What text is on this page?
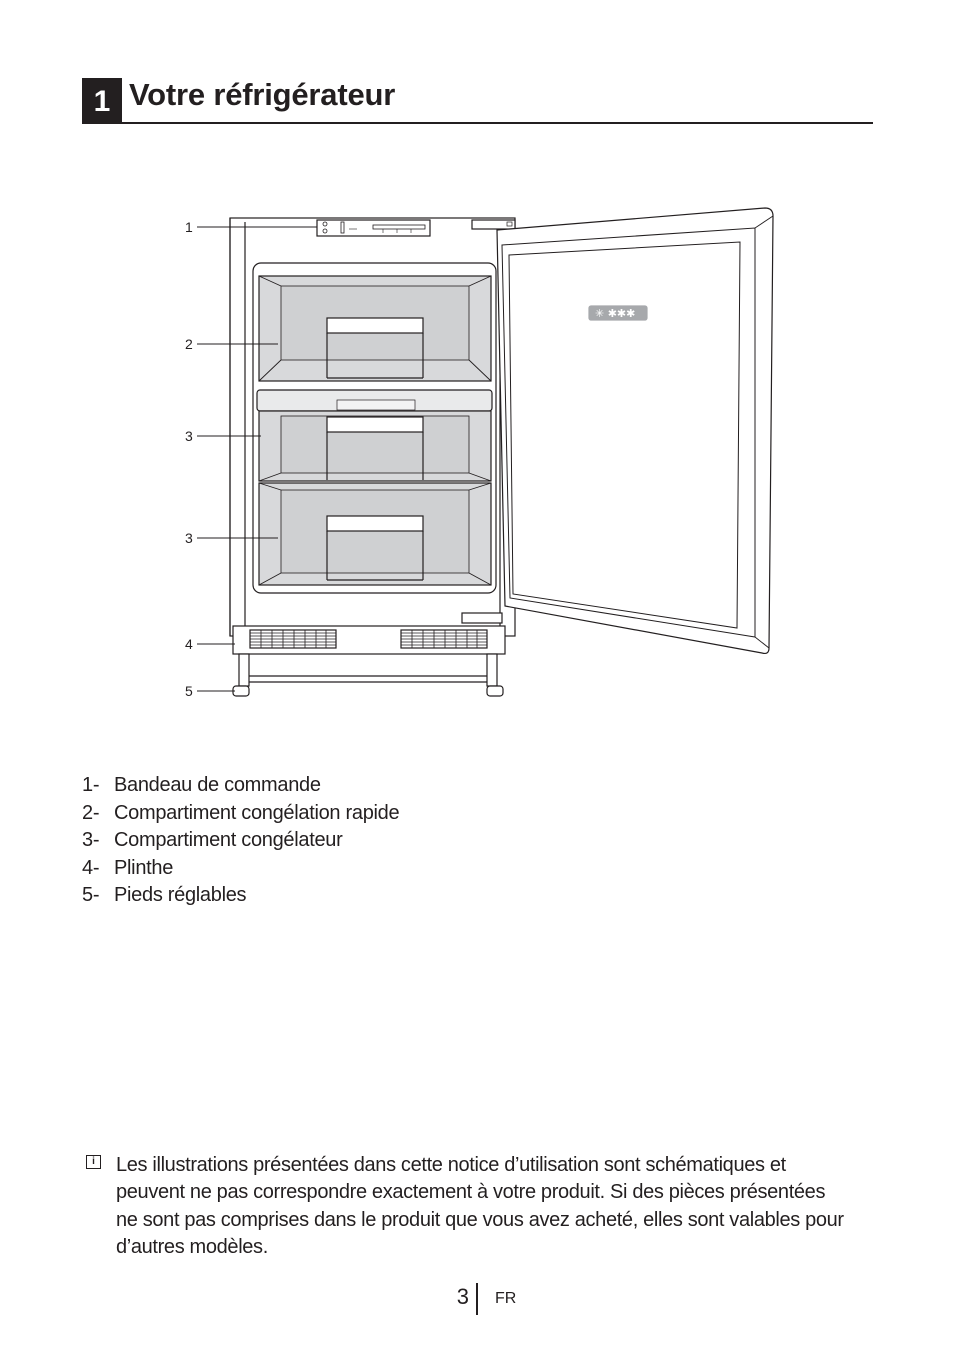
1 Votre réfrigérateur
✳ ✱✱✱
1
2
3
3
4
5
1- Bandeau de commande
2- Compartiment congélation rapide
3- Compartiment congélateur
4- Plinthe
5- Pieds réglables
i	Les illustrations présentées dans cette notice d’utilisation sont schématiques et peuvent ne pas correspondre exactement à votre produit. Si des pièces présentées ne sont pas comprises dans le produit que vous avez acheté, elles sont valables pour d’autres modèles.

3 FR
